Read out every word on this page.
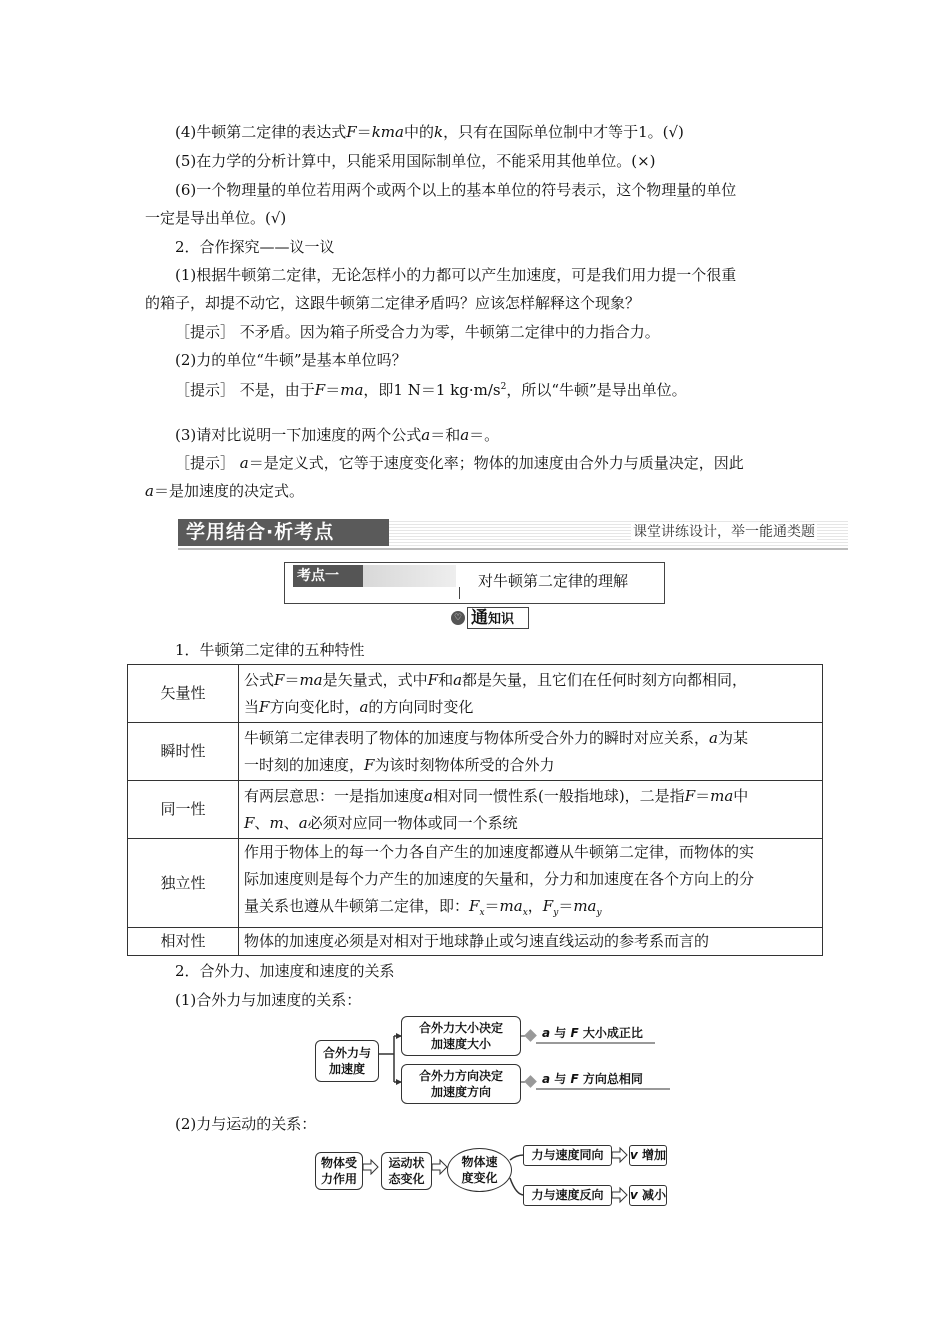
(4)牛顿第二定律的表达式F＝kma中的k，只有在国际单位制中才等于1。(√)
(5)在力学的分析计算中，只能采用国际制单位，不能采用其他单位。(×)
(6)一个物理量的单位若用两个或两个以上的基本单位的符号表示，这个物理量的单位
一定是导出单位。(√)
2．合作探究——议一议
(1)根据牛顿第二定律，无论怎样小的力都可以产生加速度，可是我们用力提一个很重
的箱子，却提不动它，这跟牛顿第二定律矛盾吗？应该怎样解释这个现象？
［提示］ 不矛盾。因为箱子所受合力为零，牛顿第二定律中的力指合力。
(2)力的单位“牛顿”是基本单位吗？
［提示］ 不是，由于F＝ma，即1 N＝1 $kg\cdot m/s^2$，所以“牛顿”是导出单位。
(3)请对比说明一下加速度的两个公式a＝和a＝。
［提示］ a＝是定义式，它等于速度变化率；物体的加速度由合外力与质量决定，因此
a＝是加速度的决定式。
学用结合·析考点	课堂讲练设计，举一能通类题
考点一	对牛顿第二定律的理解
♡ 通知识
1．牛顿第二定律的五种特性
矢量性	公式F＝ma是矢量式，式中F和a都是矢量，且它们在任何时刻方向都相同，
当F方向变化时，a的方向同时变化

瞬时性	牛顿第二定律表明了物体的加速度与物体所受合外力的瞬时对应关系，a为某
一时刻的加速度，F为该时刻物体所受的合外力

同一性	有两层意思：一是指加速度a相对同一惯性系(一般指地球)，二是指F＝ma中
F、m、a必须对应同一物体或同一个系统

独立性	作用于物体上的每一个力各自产生的加速度都遵从牛顿第二定律，而物体的实
际加速度则是每个力产生的加速度的矢量和，分力和加速度在各个方向上的分
量关系也遵从牛顿第二定律，即：$F_x=ma_x$，$F_y=ma_y$

相对性	物体的加速度必须是对相对于地球静止或匀速直线运动的参考系而言的
2．合外力、加速度和速度的关系
(1)合外力与加速度的关系：
合外力与
加速度
合外力大小决定
加速度大小
合外力方向决定
加速度方向
a 与 F 大小成正比
a 与 F 方向总相同
(2)力与运动的关系：
物体受
力作用
运动状
态变化
物体速
度变化
力与速度同向
力与速度反向
v 增加
v 减小
